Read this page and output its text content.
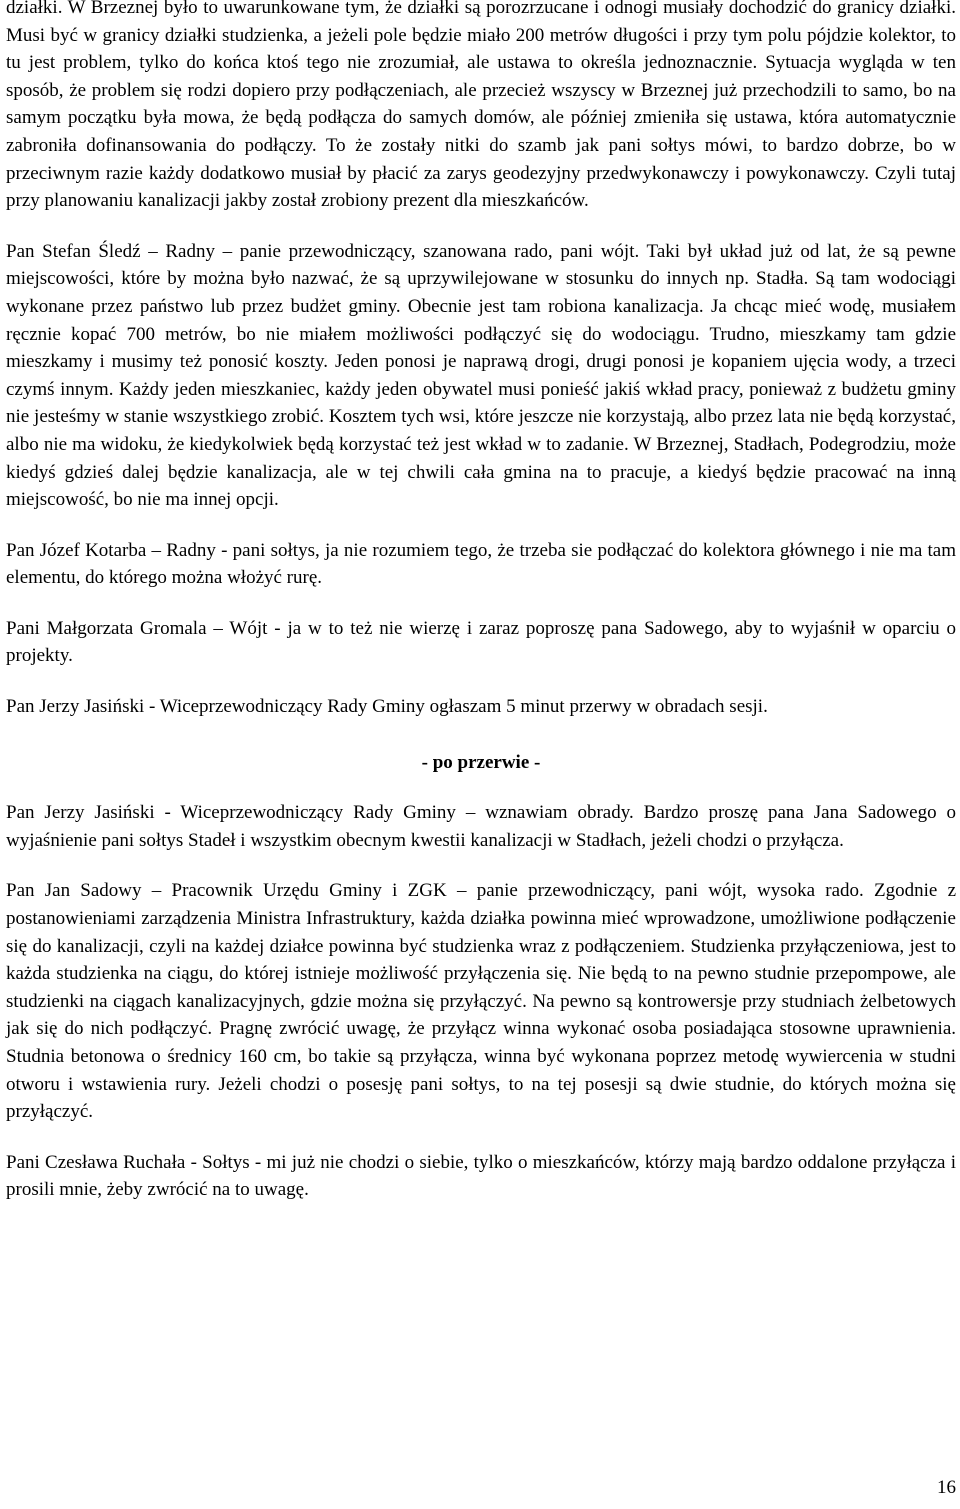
działki. W Brzeznej było to uwarunkowane tym, że działki są porozrzucane i odnogi musiały dochodzić do granicy działki. Musi być w granicy działki studzienka, a jeżeli pole będzie miało 200 metrów długości i przy tym polu pójdzie kolektor, to tu jest problem, tylko do końca ktoś tego nie zrozumiał, ale ustawa to określa jednoznacznie. Sytuacja wygląda w ten sposób, że problem się rodzi dopiero przy podłączeniach, ale przecież wszyscy w Brzeznej już przechodzili to samo, bo na samym początku była mowa, że będą podłącza do samych domów, ale później zmieniła się ustawa, która automatycznie zabroniła dofinansowania do podłączy. To że zostały nitki do szamb jak pani sołtys mówi, to bardzo dobrze, bo w przeciwnym razie każdy dodatkowo musiał by płacić za zarys geodezyjny przedwykonawczy i powykonawczy. Czyli tutaj przy planowaniu kanalizacji jakby został zrobiony prezent dla mieszkańców.

Pan Stefan Śledź – Radny – panie przewodniczący, szanowana rado, pani wójt. Taki był układ już od lat, że są pewne miejscowości, które by można było nazwać, że są uprzywilejowane w stosunku do innych np. Stadła. Są tam wodociągi wykonane przez państwo lub przez budżet gminy. Obecnie jest tam robiona kanalizacja. Ja chcąc mieć wodę, musiałem ręcznie kopać 700 metrów, bo nie miałem możliwości podłączyć się do wodociągu. Trudno, mieszkamy tam gdzie mieszkamy i musimy też ponosić koszty. Jeden ponosi je naprawą drogi, drugi ponosi je kopaniem ujęcia wody, a trzeci czymś innym. Każdy jeden mieszkaniec, każdy jeden obywatel musi ponieść jakiś wkład pracy, ponieważ z budżetu gminy nie jesteśmy w stanie wszystkiego zrobić. Kosztem tych wsi, które jeszcze nie korzystają, albo przez lata nie będą korzystać, albo nie ma widoku, że kiedykolwiek będą korzystać też jest wkład w to zadanie. W Brzeznej, Stadłach, Podegrodziu, może kiedyś gdzieś dalej będzie kanalizacja, ale w tej chwili cała gmina na to pracuje, a kiedyś będzie pracować na inną miejscowość, bo nie ma innej opcji.

Pan Józef Kotarba – Radny - pani sołtys, ja nie rozumiem tego, że trzeba sie podłączać do kolektora głównego i nie ma tam elementu, do którego można włożyć rurę.

Pani Małgorzata Gromala – Wójt - ja w to też nie wierzę i zaraz poproszę pana Sadowego, aby to wyjaśnił w oparciu o projekty.

Pan Jerzy Jasiński - Wiceprzewodniczący Rady Gminy ogłaszam 5 minut przerwy w obradach sesji.

- po przerwie -

Pan Jerzy Jasiński - Wiceprzewodniczący Rady Gminy – wznawiam obrady. Bardzo proszę pana Jana Sadowego o wyjaśnienie pani sołtys Stadeł i wszystkim obecnym kwestii kanalizacji w Stadłach, jeżeli chodzi o przyłącza.

Pan Jan Sadowy – Pracownik Urzędu Gminy i ZGK – panie przewodniczący, pani wójt, wysoka rado. Zgodnie z postanowieniami zarządzenia Ministra Infrastruktury, każda działka powinna mieć wprowadzone, umożliwione podłączenie się do kanalizacji, czyli na każdej działce powinna być studzienka wraz z podłączeniem. Studzienka przyłączeniowa, jest to każda studzienka na ciągu, do której istnieje możliwość przyłączenia się. Nie będą to na pewno studnie przepompowe, ale studzienki na ciągach kanalizacyjnych, gdzie można się przyłączyć. Na pewno są kontrowersje przy studniach żelbetowych jak się do nich podłączyć. Pragnę zwrócić uwagę, że przyłącz winna wykonać osoba posiadająca stosowne uprawnienia. Studnia betonowa o średnicy 160 cm, bo takie są przyłącza, winna być wykonana poprzez metodę wywiercenia w studni otworu i wstawienia rury. Jeżeli chodzi o posesję pani sołtys, to na tej posesji są dwie studnie, do których można się przyłączyć.

Pani Czesława Ruchała - Sołtys - mi już nie chodzi o siebie, tylko o mieszkańców, którzy mają bardzo oddalone przyłącza i prosili mnie, żeby zwrócić na to uwagę.

16
